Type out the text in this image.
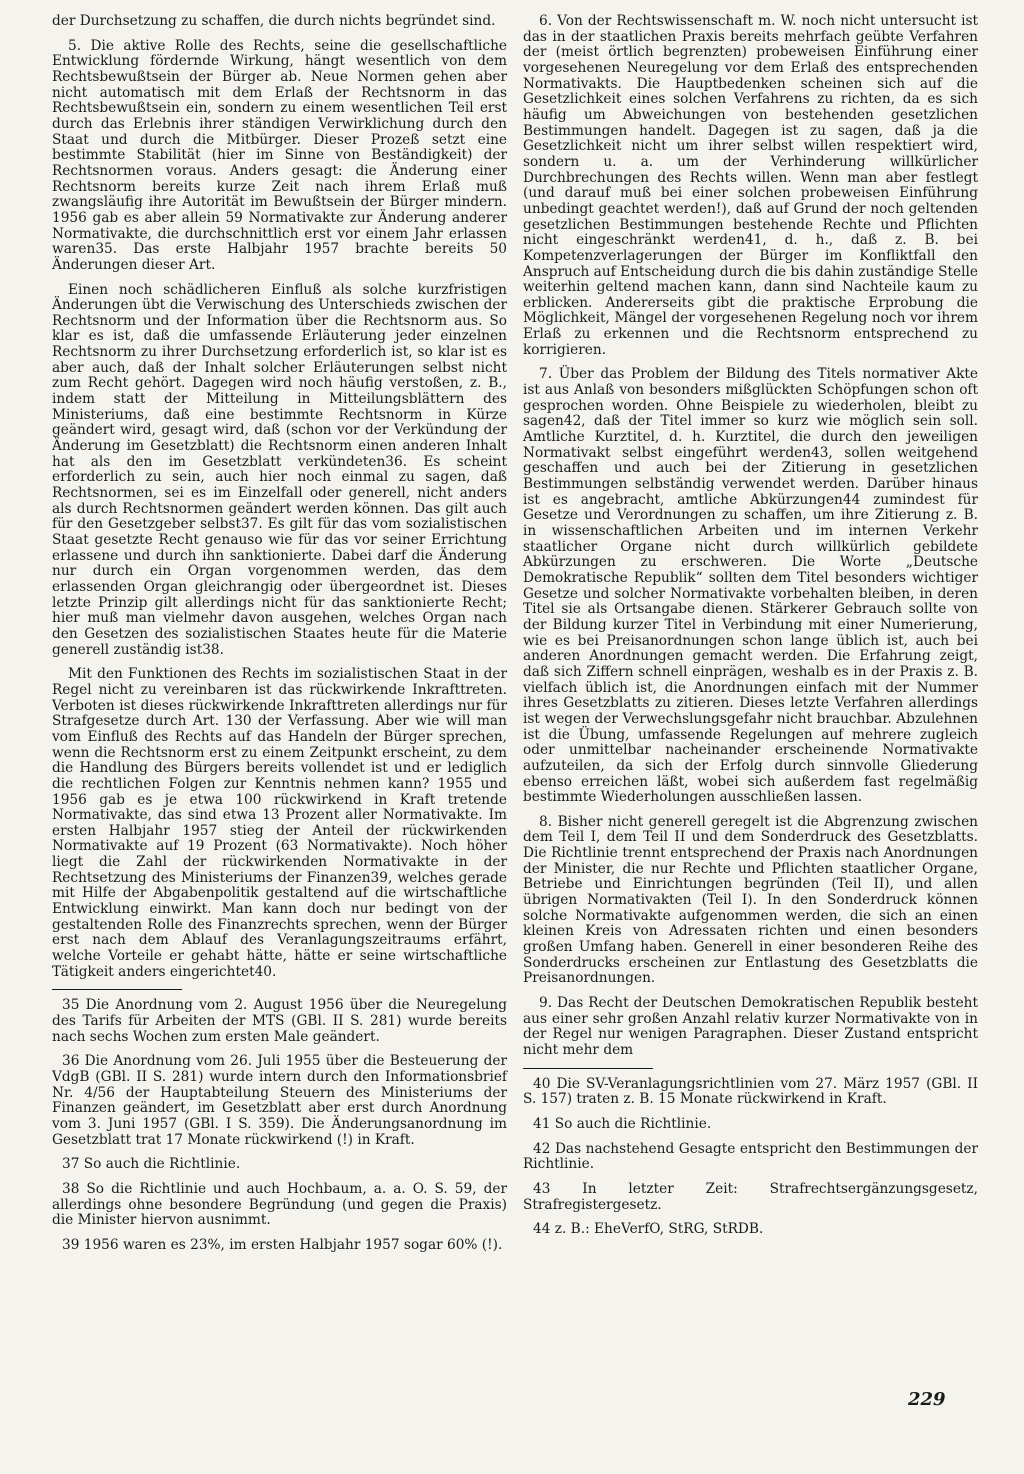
der Durchsetzung zu schaffen, die durch nichts begründet sind.

5. Die aktive Rolle des Rechts, seine die gesellschaftliche Entwicklung fördernde Wirkung, hängt wesentlich von dem Rechtsbewußtsein der Bürger ab. Neue Normen gehen aber nicht automatisch mit dem Erlaß der Rechtsnorm in das Rechtsbewußtsein ein, sondern zu einem wesentlichen Teil erst durch das Erlebnis ihrer ständigen Verwirklichung durch den Staat und durch die Mitbürger. Dieser Prozeß setzt eine bestimmte Stabilität (hier im Sinne von Beständigkeit) der Rechtsnormen voraus. Anders gesagt: die Änderung einer Rechtsnorm bereits kurze Zeit nach ihrem Erlaß muß zwangsläufig ihre Autorität im Bewußtsein der Bürger mindern. 1956 gab es aber allein 59 Normativakte zur Änderung anderer Normativakte, die durchschnittlich erst vor einem Jahr erlassen waren35. Das erste Halbjahr 1957 brachte bereits 50 Änderungen dieser Art.

Einen noch schädlicheren Einfluß als solche kurzfristigen Änderungen übt die Verwischung des Unterschieds zwischen der Rechtsnorm und der Information über die Rechtsnorm aus. So klar es ist, daß die umfassende Erläuterung jeder einzelnen Rechtsnorm zu ihrer Durchsetzung erforderlich ist, so klar ist es aber auch, daß der Inhalt solcher Erläuterungen selbst nicht zum Recht gehört. Dagegen wird noch häufig verstoßen, z. B., indem statt der Mitteilung in Mitteilungsblättern des Ministeriums, daß eine bestimmte Rechtsnorm in Kürze geändert wird, gesagt wird, daß (schon vor der Verkündung der Änderung im Gesetzblatt) die Rechtsnorm einen anderen Inhalt hat als den im Gesetzblatt verkündeten36. Es scheint erforderlich zu sein, auch hier noch einmal zu sagen, daß Rechtsnormen, sei es im Einzelfall oder generell, nicht anders als durch Rechtsnormen geändert werden können. Das gilt auch für den Gesetzgeber selbst37. Es gilt für das vom sozialistischen Staat gesetzte Recht genauso wie für das vor seiner Errichtung erlassene und durch ihn sanktionierte. Dabei darf die Änderung nur durch ein Organ vorgenommen werden, das dem erlassenden Organ gleichrangig oder übergeordnet ist. Dieses letzte Prinzip gilt allerdings nicht für das sanktionierte Recht; hier muß man vielmehr davon ausgehen, welches Organ nach den Gesetzen des sozialistischen Staates heute für die Materie generell zuständig ist38.

Mit den Funktionen des Rechts im sozialistischen Staat in der Regel nicht zu vereinbaren ist das rückwirkende Inkrafttreten. Verboten ist dieses rückwirkende Inkrafttreten allerdings nur für Strafgesetze durch Art. 130 der Verfassung. Aber wie will man vom Einfluß des Rechts auf das Handeln der Bürger sprechen, wenn die Rechtsnorm erst zu einem Zeitpunkt erscheint, zu dem die Handlung des Bürgers bereits vollendet ist und er lediglich die rechtlichen Folgen zur Kenntnis nehmen kann? 1955 und 1956 gab es je etwa 100 rückwirkend in Kraft tretende Normativakte, das sind etwa 13 Prozent aller Normativakte. Im ersten Halbjahr 1957 stieg der Anteil der rückwirkenden Normativakte auf 19 Prozent (63 Normativakte). Noch höher liegt die Zahl der rückwirkenden Normativakte in der Rechtsetzung des Ministeriums der Finanzen39, welches gerade mit Hilfe der Abgabenpolitik gestaltend auf die wirtschaftliche Entwicklung einwirkt. Man kann doch nur bedingt von der gestaltenden Rolle des Finanzrechts sprechen, wenn der Bürger erst nach dem Ablauf des Veranlagungszeitraums erfährt, welche Vorteile er gehabt hätte, hätte er seine wirtschaftliche Tätigkeit anders eingerichtet40.

35 Die Anordnung vom 2. August 1956 über die Neuregelung des Tarifs für Arbeiten der MTS (GBl. II S. 281) wurde bereits nach sechs Wochen zum ersten Male geändert.

36 Die Anordnung vom 26. Juli 1955 über die Besteuerung der VdgB (GBl. II S. 281) wurde intern durch den Informationsbrief Nr. 4/56 der Hauptabteilung Steuern des Ministeriums der Finanzen geändert, im Gesetzblatt aber erst durch Anordnung vom 3. Juni 1957 (GBl. I S. 359). Die Änderungsanordnung im Gesetzblatt trat 17 Monate rückwirkend (!) in Kraft.

37 So auch die Richtlinie.

38 So die Richtlinie und auch Hochbaum, a. a. O. S. 59, der allerdings ohne besondere Begründung (und gegen die Praxis) die Minister hiervon ausnimmt.

39 1956 waren es 23%, im ersten Halbjahr 1957 sogar 60% (!).

6. Von der Rechtswissenschaft m. W. noch nicht untersucht ist das in der staatlichen Praxis bereits mehrfach geübte Verfahren der (meist örtlich begrenzten) probeweisen Einführung einer vorgesehenen Neuregelung vor dem Erlaß des entsprechenden Normativakts. Die Hauptbedenken scheinen sich auf die Gesetzlichkeit eines solchen Verfahrens zu richten, da es sich häufig um Abweichungen von bestehenden gesetzlichen Bestimmungen handelt. Dagegen ist zu sagen, daß ja die Gesetzlichkeit nicht um ihrer selbst willen respektiert wird, sondern u. a. um der Verhinderung willkürlicher Durchbrechungen des Rechts willen. Wenn man aber festlegt (und darauf muß bei einer solchen probeweisen Einführung unbedingt geachtet werden!), daß auf Grund der noch geltenden gesetzlichen Bestimmungen bestehende Rechte und Pflichten nicht eingeschränkt werden41, d. h., daß z. B. bei Kompetenzverlagerungen der Bürger im Konfliktfall den Anspruch auf Entscheidung durch die bis dahin zuständige Stelle weiterhin geltend machen kann, dann sind Nachteile kaum zu erblicken. Andererseits gibt die praktische Erprobung die Möglichkeit, Mängel der vorgesehenen Regelung noch vor ihrem Erlaß zu erkennen und die Rechtsnorm entsprechend zu korrigieren.

7. Über das Problem der Bildung des Titels normativer Akte ist aus Anlaß von besonders mißglückten Schöpfungen schon oft gesprochen worden. Ohne Beispiele zu wiederholen, bleibt zu sagen42, daß der Titel immer so kurz wie möglich sein soll. Amtliche Kurztitel, d. h. Kurztitel, die durch den jeweiligen Normativakt selbst eingeführt werden43, sollen weitgehend geschaffen und auch bei der Zitierung in gesetzlichen Bestimmungen selbständig verwendet werden. Darüber hinaus ist es angebracht, amtliche Abkürzungen44 zumindest für Gesetze und Verordnungen zu schaffen, um ihre Zitierung z. B. in wissenschaftlichen Arbeiten und im internen Verkehr staatlicher Organe nicht durch willkürlich gebildete Abkürzungen zu erschweren. Die Worte „Deutsche Demokratische Republik“ sollten dem Titel besonders wichtiger Gesetze und solcher Normativakte vorbehalten bleiben, in deren Titel sie als Ortsangabe dienen. Stärkerer Gebrauch sollte von der Bildung kurzer Titel in Verbindung mit einer Numerierung, wie es bei Preisanordnungen schon lange üblich ist, auch bei anderen Anordnungen gemacht werden. Die Erfahrung zeigt, daß sich Ziffern schnell einprägen, weshalb es in der Praxis z. B. vielfach üblich ist, die Anordnungen einfach mit der Nummer ihres Gesetzblatts zu zitieren. Dieses letzte Verfahren allerdings ist wegen der Verwechslungsgefahr nicht brauchbar. Abzulehnen ist die Übung, umfassende Regelungen auf mehrere zugleich oder unmittelbar nacheinander erscheinende Normativakte aufzuteilen, da sich der Erfolg durch sinnvolle Gliederung ebenso erreichen läßt, wobei sich außerdem fast regelmäßig bestimmte Wiederholungen ausschließen lassen.

8. Bisher nicht generell geregelt ist die Abgrenzung zwischen dem Teil I, dem Teil II und dem Sonderdruck des Gesetzblatts. Die Richtlinie trennt entsprechend der Praxis nach Anordnungen der Minister, die nur Rechte und Pflichten staatlicher Organe, Betriebe und Einrichtungen begründen (Teil II), und allen übrigen Normativakten (Teil I). In den Sonderdruck können solche Normativakte aufgenommen werden, die sich an einen kleinen Kreis von Adressaten richten und einen besonders großen Umfang haben. Generell in einer besonderen Reihe des Sonderdrucks erscheinen zur Entlastung des Gesetzblatts die Preisanordnungen.

9. Das Recht der Deutschen Demokratischen Republik besteht aus einer sehr großen Anzahl relativ kurzer Normativakte von in der Regel nur wenigen Paragraphen. Dieser Zustand entspricht nicht mehr dem

40 Die SV-Veranlagungsrichtlinien vom 27. März 1957 (GBl. II S. 157) traten z. B. 15 Monate rückwirkend in Kraft.

41 So auch die Richtlinie.

42 Das nachstehend Gesagte entspricht den Bestimmungen der Richtlinie.

43 In letzter Zeit: Strafrechtsergänzungsgesetz, Strafregistergesetz.

44 z. B.: EheVerfO, StRG, StRDB.

229
